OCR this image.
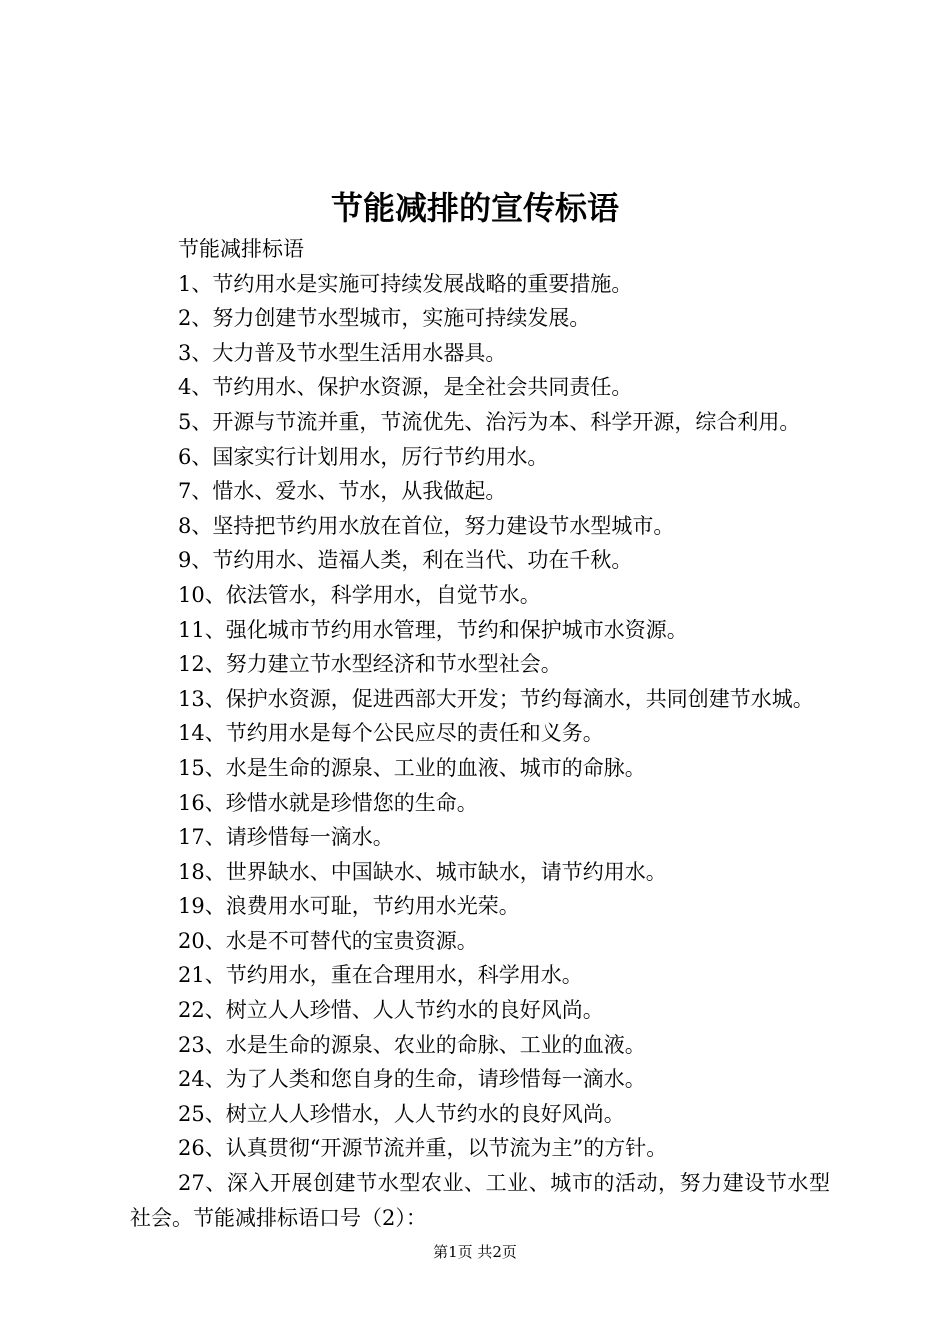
节能减排的宣传标语

节能减排标语

1、节约用水是实施可持续发展战略的重要措施。

2、努力创建节水型城市，实施可持续发展。

3、大力普及节水型生活用水器具。

4、节约用水、保护水资源，是全社会共同责任。

5、开源与节流并重，节流优先、治污为本、科学开源，综合利用。

6、国家实行计划用水，厉行节约用水。

7、惜水、爱水、节水，从我做起。

8、坚持把节约用水放在首位，努力建设节水型城市。

9、节约用水、造福人类，利在当代、功在千秋。

10、依法管水，科学用水，自觉节水。

11、强化城市节约用水管理，节约和保护城市水资源。

12、努力建立节水型经济和节水型社会。

13、保护水资源，促进西部大开发；节约每滴水，共同创建节水城。

14、节约用水是每个公民应尽的责任和义务。

15、水是生命的源泉、工业的血液、城市的命脉。

16、珍惜水就是珍惜您的生命。

17、请珍惜每一滴水。

18、世界缺水、中国缺水、城市缺水，请节约用水。

19、浪费用水可耻，节约用水光荣。

20、水是不可替代的宝贵资源。

21、节约用水，重在合理用水，科学用水。

22、树立人人珍惜、人人节约水的良好风尚。

23、水是生命的源泉、农业的命脉、工业的血液。

24、为了人类和您自身的生命，请珍惜每一滴水。

25、树立人人珍惜水，人人节约水的良好风尚。

26、认真贯彻“开源节流并重，以节流为主”的方针。

27、深入开展创建节水型农业、工业、城市的活动，努力建设节水型社会。节能减排标语口号（2）：

第1页 共2页
